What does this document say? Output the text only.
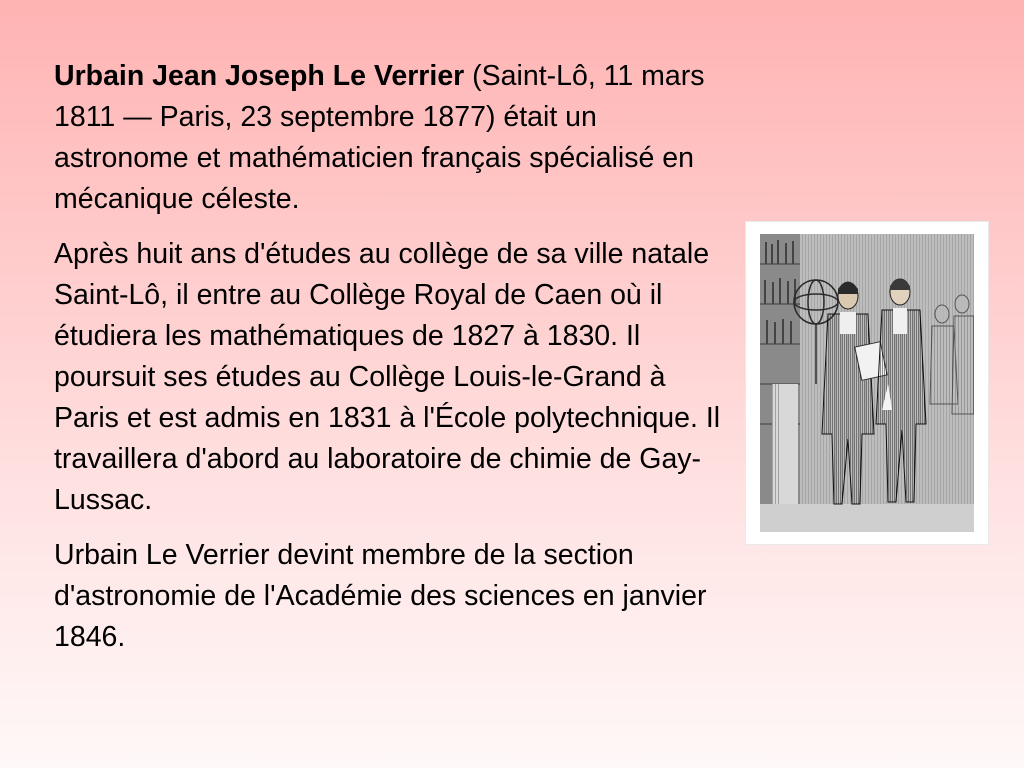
Urbain Jean Joseph Le Verrier (Saint-Lô, 11 mars 1811 — Paris, 23 septembre 1877) était un astronome et mathématicien français spécialisé en mécanique céleste.

Après huit ans d'études au collège de sa ville natale Saint-Lô, il entre au Collège Royal de Caen où il étudiera les mathématiques de 1827 à 1830. Il poursuit ses études au Collège Louis-le-Grand à Paris et est admis en 1831 à l'École polytechnique. Il travaillera d'abord au laboratoire de chimie de Gay-Lussac.

Urbain Le Verrier devint membre de la section d'astronomie de l'Académie des sciences en janvier 1846.
